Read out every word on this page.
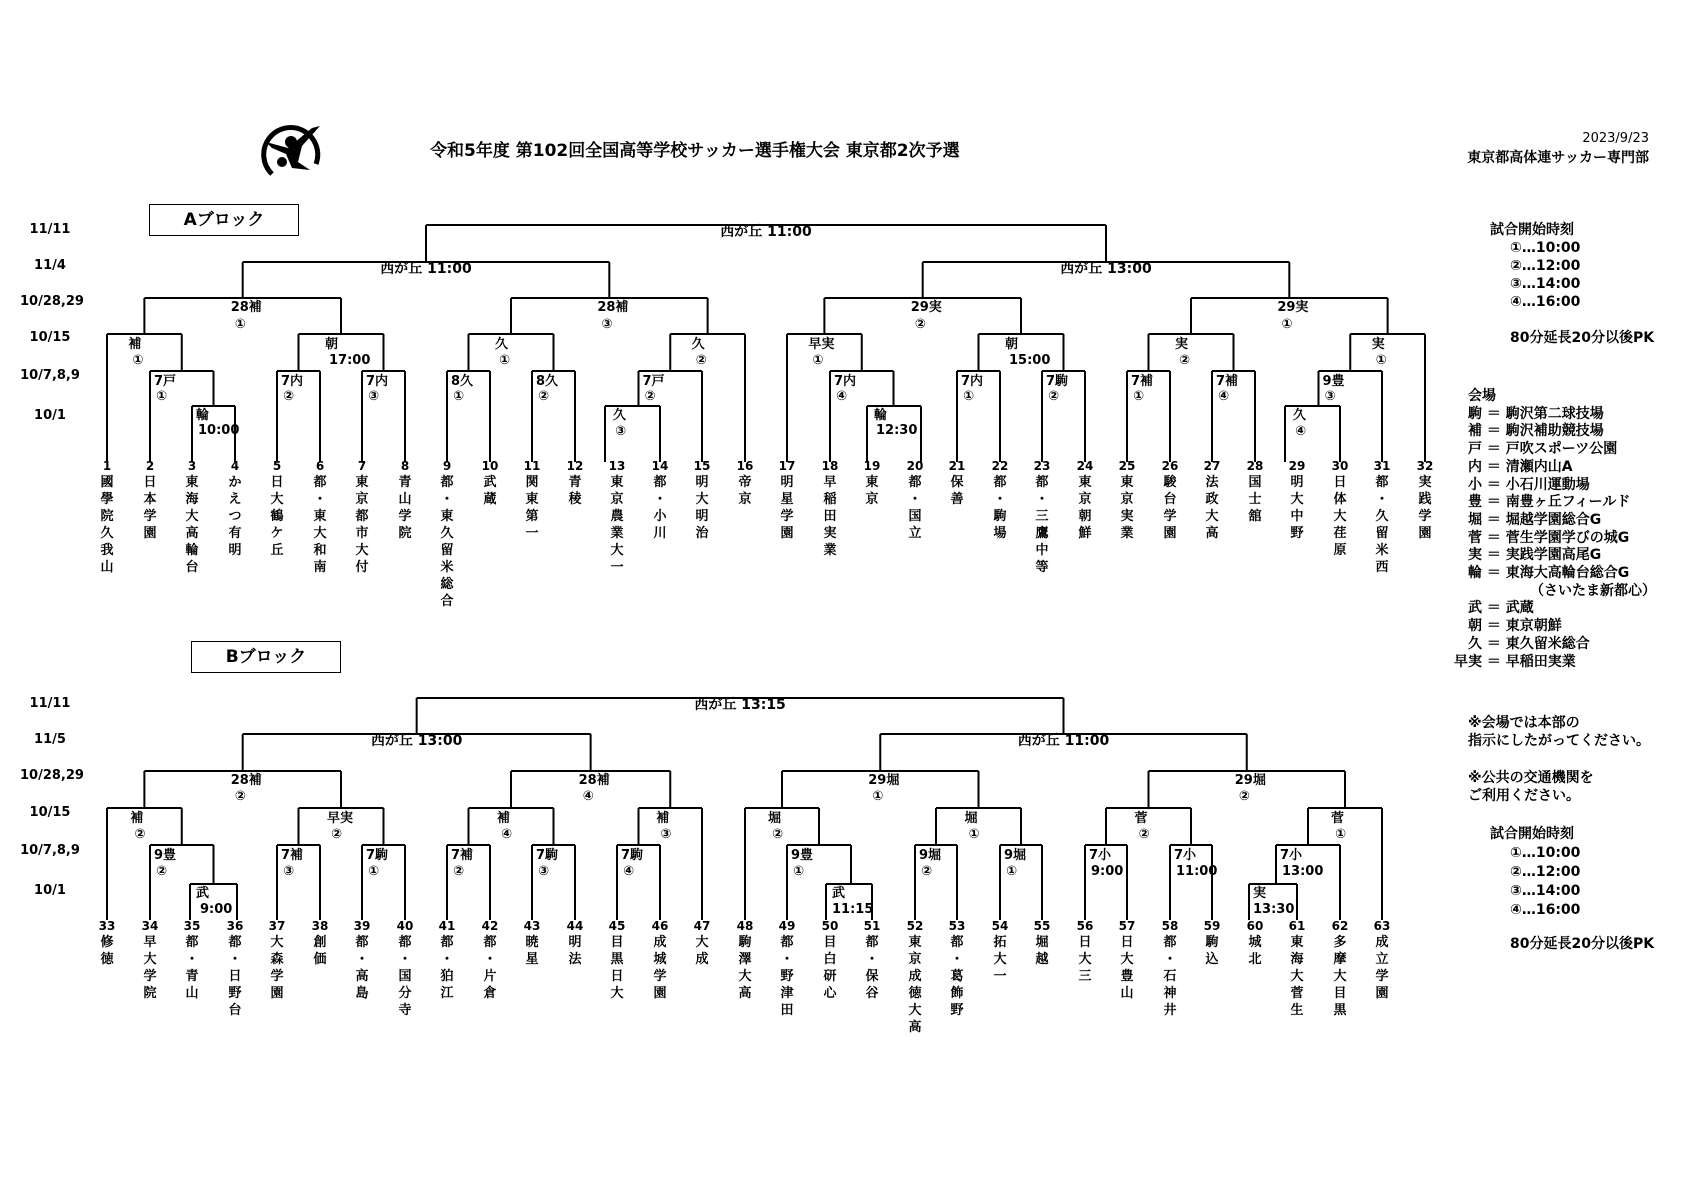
令和5年度 第102回全国高等学校サッカー選手権大会 東京都2次予選
2023/9/23
東京都高体連サッカー専門部
Aブロック
Bブロック
11/11
11/4
10/28,29
10/15
10/7,8,9
10/1
11/11
11/5
10/28,29
10/15
10/7,8,9
10/1
輪
10:00
輪
12:30
久
③
久
④
7戸
①
7内
②
7内
③
8久
①
8久
②
7戸
②
7内
④
7内
①
7駒
②
7補
①
7補
④
9豊
③
補
①
朝
17:00
久
①
久
②
早実
①
朝
15:00
実
②
実
①
28補
①
28補
③
29実
②
29実
①
西が丘 11:00	西が丘 13:00
西が丘 11:00
1
國
學
院
久
我
山
2
日
本
学
園
3
東
海
大
高
輪
台
4
か
え
つ
有
明
5
日
大
鶴
ケ
丘
6
都
・
東
大
和
南
7
東
京
都
市
大
付
8
青
山
学
院
9
都
・
東
久
留
米
総
合
10
武
蔵
11
関
東
第
一
12
青
稜
13
東
京
農
業
大
一
14
都
・
小
川
15
明
大
明
治
16
帝
京
17
明
星
学
園
18
早
稲
田
実
業
19
東
京
20
都
・
国
立
21
保
善
22
都
・
駒
場
23
都
・
三
鷹
中
等
24
東
京
朝
鮮
25
東
京
実
業
26
駿
台
学
園
27
法
政
大
高
28
国
士
舘
29
明
大
中
野
30
日
体
大
荏
原
31
都
・
久
留
米
西
32
実
践
学
園
武
9:00
武
11:15
実
13:30
9豊
②
7補
③
7駒
①
7補
②
7駒
③
7駒
④
9豊
①
9堀
②
9堀
①
7小
9:00
7小
11:00
7小
13:00
補
②
早実
②
補
④
補
③
堀
②
堀
①
菅
②
菅
①
28補
②
28補
④
29堀
①
29堀
②
西が丘 13:00	西が丘 11:00
西が丘 13:15
33
修
徳
34
早
大
学
院
35
都
・
青
山
36
都
・
日
野
台
37
大
森
学
園
38
創
価
39
都
・
高
島
40
都
・
国
分
寺
41
都
・
狛
江
42
都
・
片
倉
43
暁
星
44
明
法
45
目
黒
日
大
46
成
城
学
園
47
大
成
48
駒
澤
大
高
49
都
・
野
津
田
50
目
白
研
心
51
都
・
保
谷
52
東
京
成
徳
大
高
53
都
・
葛
飾
野
54
拓
大
一
55
堀
越
56
日
大
三
57
日
大
豊
山
58
都
・
石
神
井
59
駒
込
60
城
北
61
東
海
大
菅
生
62
多
摩
大
目
黒
63
成
立
学
園
試合開始時刻
①…10:00
②…12:00
③…14:00
④…16:00
80分延長20分以後PK
会場
駒 ＝ 駒沢第二球技場
補 ＝ 駒沢補助競技場
戸 ＝ 戸吹スポーツ公園
内 ＝ 清瀬内山A
小 ＝ 小石川運動場
豊 ＝ 南豊ヶ丘フィールド
堀 ＝ 堀越学園総合G
菅 ＝ 菅生学園学びの城G
実 ＝ 実践学園高尾G
輪 ＝ 東海大高輪台総合G
（さいたま新都心）
武 ＝ 武蔵
朝 ＝ 東京朝鮮
久 ＝ 東久留米総合
早実 ＝ 早稲田実業
※会場では本部の
指示にしたがってください。
※公共の交通機関を
ご利用ください。
試合開始時刻
①…10:00
②…12:00
③…14:00
④…16:00
80分延長20分以後PK
